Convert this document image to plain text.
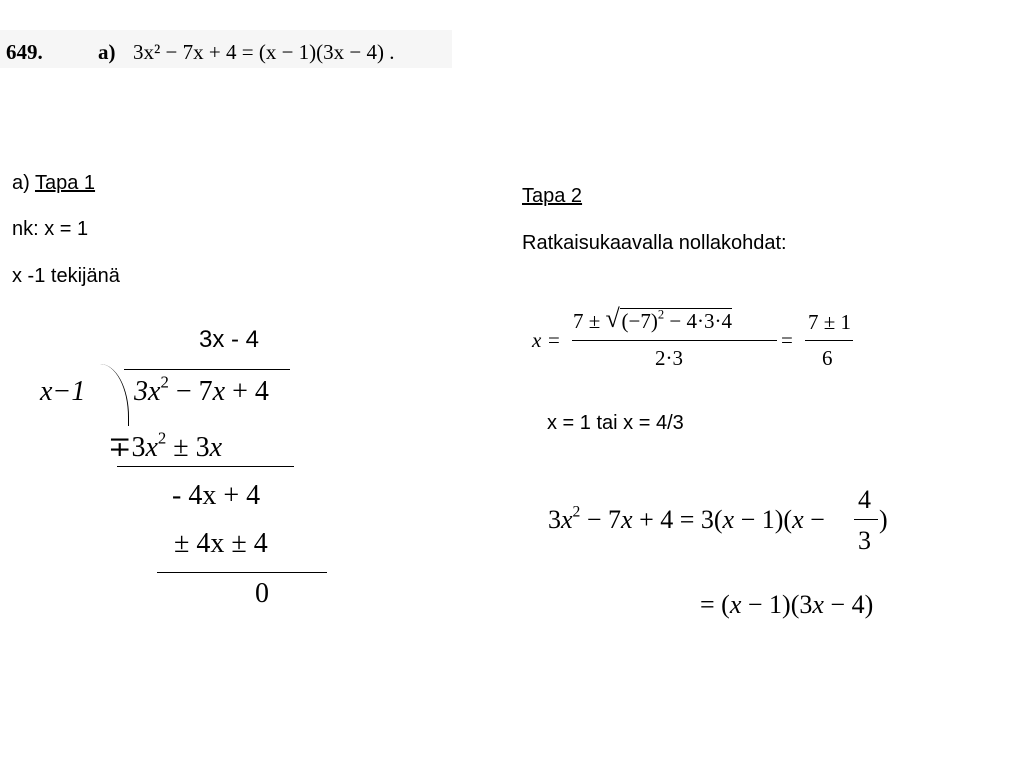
649.	a) 3x² − 7x + 4 = (x − 1)(3x − 4) .
a) Tapa 1
nk: x = 1
x -1 tekijänä
3x - 4
x−1 $3x^2 - 7x + 4$
$\mp 3x^2 \pm 3x$
- 4x + 4
± 4x ± 4
0
Tapa 2
Ratkaisukaavalla nollakohdat:
x =
7 ± √ $(-7)^2 - 4\cdot 3\cdot 4$
2·3
=
7 ± 1
6
x = 1 tai x = 4/3
$3x^2 - 7x + 4 = 3(x - 1)(x$ −
4
3
)
= (x − 1)(3x − 4)
